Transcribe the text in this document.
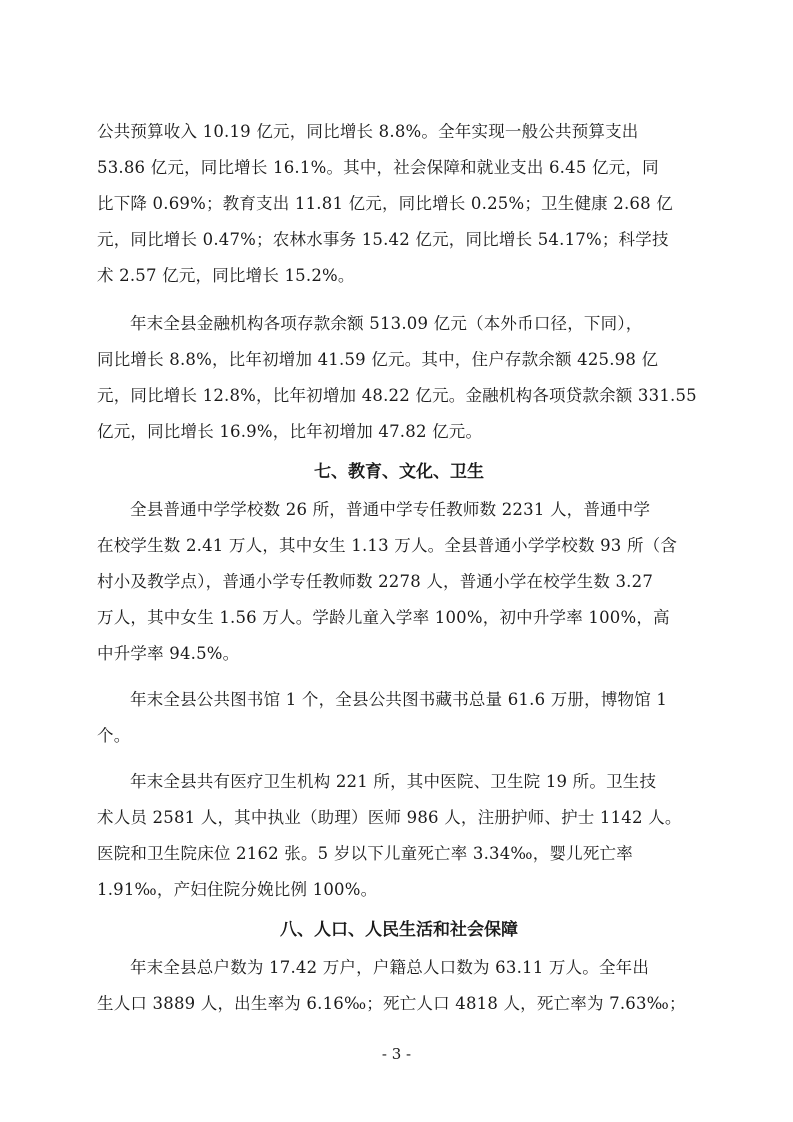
公共预算收入 10.19 亿元，同比增长 8.8%。全年实现一般公共预算支出
53.86 亿元，同比增长 16.1%。其中，社会保障和就业支出 6.45 亿元，同
比下降 0.69%；教育支出 11.81 亿元，同比增长 0.25%；卫生健康 2.68 亿
元，同比增长 0.47%；农林水事务 15.42 亿元，同比增长 54.17%；科学技
术 2.57 亿元，同比增长 15.2%。
年末全县金融机构各项存款余额 513.09 亿元（本外币口径，下同），
同比增长 8.8%，比年初增加 41.59 亿元。其中，住户存款余额 425.98 亿
元，同比增长 12.8%，比年初增加 48.22 亿元。金融机构各项贷款余额 331.55
亿元，同比增长 16.9%，比年初增加 47.82 亿元。
七、教育、文化、卫生
全县普通中学学校数 26 所，普通中学专任教师数 2231 人，普通中学
在校学生数 2.41 万人，其中女生 1.13 万人。全县普通小学学校数 93 所（含
村小及教学点），普通小学专任教师数 2278 人，普通小学在校学生数 3.27
万人，其中女生 1.56 万人。学龄儿童入学率 100%，初中升学率 100%，高
中升学率 94.5%。
年末全县公共图书馆 1 个，全县公共图书藏书总量 61.6 万册，博物馆 1
个。
年末全县共有医疗卫生机构 221 所，其中医院、卫生院 19 所。卫生技
术人员 2581 人，其中执业（助理）医师 986 人，注册护师、护士 1142 人。
医院和卫生院床位 2162 张。5 岁以下儿童死亡率 3.34‰，婴儿死亡率
1.91‰，产妇住院分娩比例 100%。
八、人口、人民生活和社会保障
年末全县总户数为 17.42 万户，户籍总人口数为 63.11 万人。全年出
生人口 3889 人，出生率为 6.16‰；死亡人口 4818 人，死亡率为 7.63‰；
- 3 -
